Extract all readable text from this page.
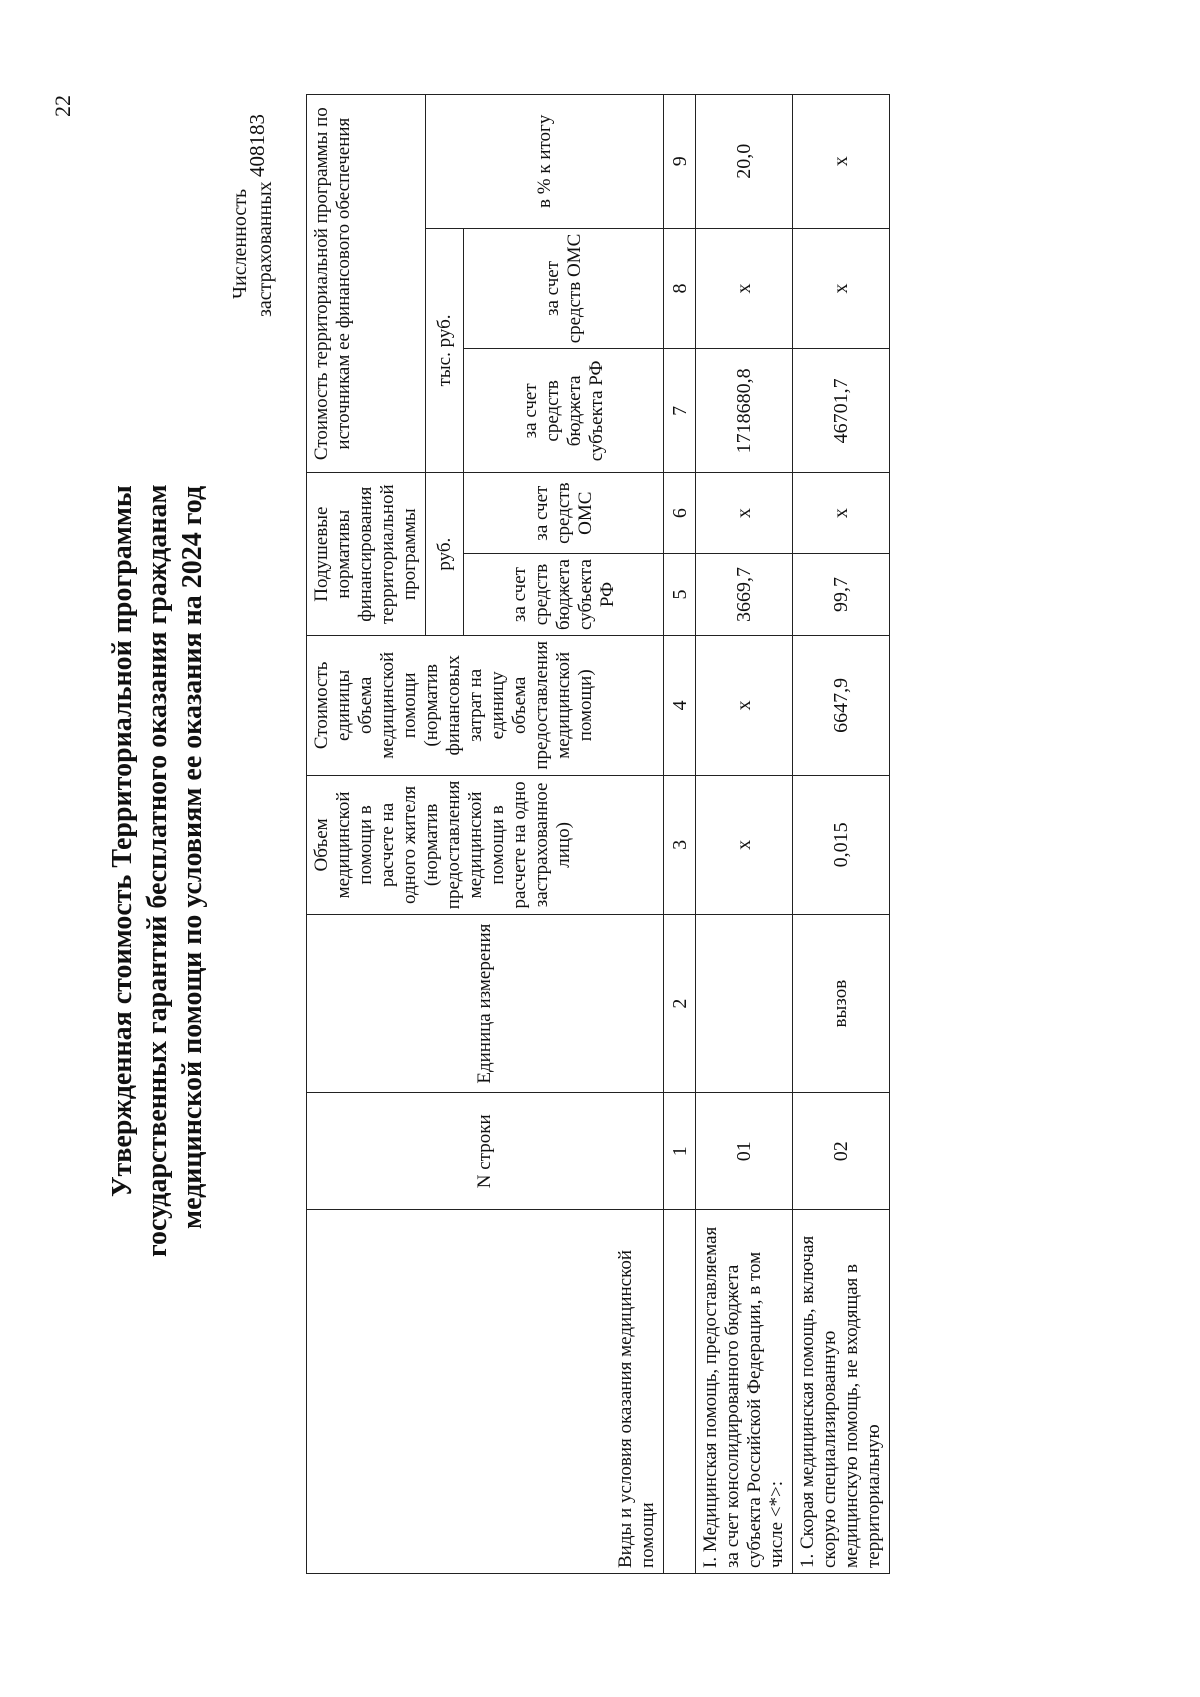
22
Утвержденная стоимость Территориальной программы государственных гарантий бесплатного оказания гражданам медицинской помощи по условиям ее оказания на 2024 год
Численность застрахованных
408183
Виды и условия оказания медицинской помощи	N строки	Единица измерения	Объем медицинской помощи в расчете на одного жителя (норматив предоставления медицинской помощи в расчете на одно застрахованное лицо)	Стоимость единицы объема медицинской помощи (норматив финансовых затрат на единицу объема предоставления медицинской помощи)	Подушевые нормативы финансирования территориальной программы		Стоимость территориальной программы по источникам ее финансового обеспечения		
					руб.		тыс. руб.		в % к итогу
					за счет средств бюджета субъекта РФ	за счет средств ОМС	за счет средств бюджета субъекта РФ	за счет средств ОМС	
	1	2	3	4	5	6	7	8	9
I. Медицинская помощь, предоставляемая за счет консолидированного бюджета субъекта Российской Федерации, в том числе <*>:	01		х	х	3669,7	х	1718680,8	х	20,0
1. Скорая медицинская помощь, включая скорую специализированную медицинскую помощь, не входящая в территориальную	02	вызов	0,015	6647,9	99,7	х	46701,7	х	х
